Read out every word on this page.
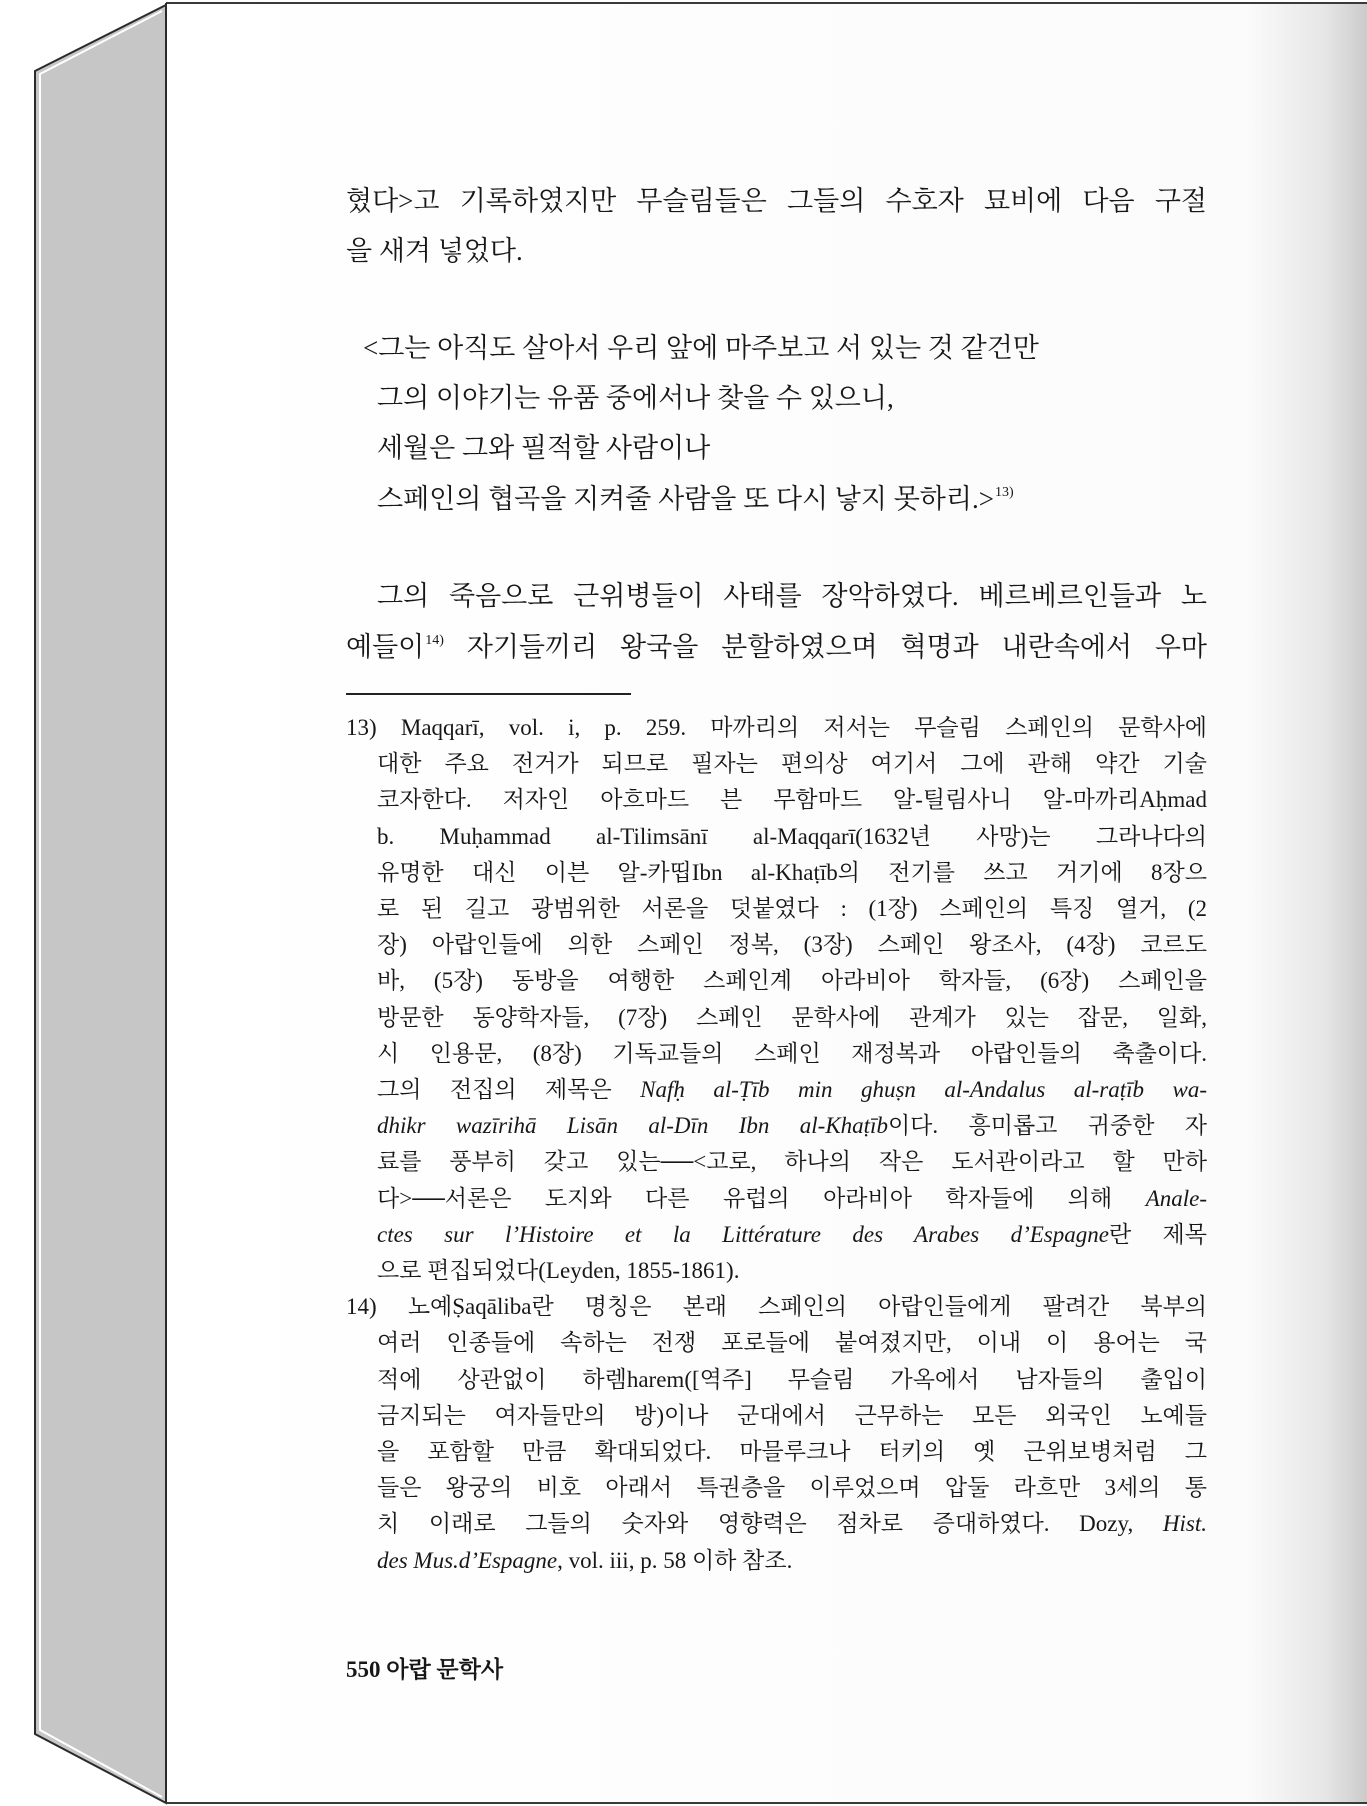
혔다>고 기록하였지만 무슬림들은 그들의 수호자 묘비에 다음 구절
을 새겨 넣었다.
<그는 아직도 살아서 우리 앞에 마주보고 서 있는 것 같건만
그의 이야기는 유품 중에서나 찾을 수 있으니,
세월은 그와 필적할 사람이나
스페인의 협곡을 지켜줄 사람을 또 다시 낳지 못하리.>$^{13)}$
그의 죽음으로 근위병들이 사태를 장악하였다. 베르베르인들과 노
예들이$^{14)}$ 자기들끼리 왕국을 분할하였으며 혁명과 내란속에서 우마
13) Maqqarī, vol. i, p. 259. 마까리의 저서는 무슬림 스페인의 문학사에
대한 주요 전거가 되므로 필자는 편의상 여기서 그에 관해 약간 기술
코자한다. 저자인 아흐마드 븐 무함마드 알-틸림사니 알-마까리Aḥmad
b. Muḥammad al-Tilimsānī al-Maqqarī(1632년 사망)는 그라나다의
유명한 대신 이븐 알-카띱Ibn al-Khaṭīb의 전기를 쓰고 거기에 8장으
로 된 길고 광범위한 서론을 덧붙였다 : (1장) 스페인의 특징 열거, (2
장) 아랍인들에 의한 스페인 정복, (3장) 스페인 왕조사, (4장) 코르도
바, (5장) 동방을 여행한 스페인계 아라비아 학자들, (6장) 스페인을
방문한 동양학자들, (7장) 스페인 문학사에 관계가 있는 잡문, 일화,
시 인용문, (8장) 기독교들의 스페인 재정복과 아랍인들의 축출이다.
그의 전집의 제목은 Nafḥ al-Ṭīb min ghuṣn al-Andalus al-raṭīb wa-
dhikr wazīrihā Lisān al-Dīn Ibn al-Khaṭīb이다. 흥미롭고 귀중한 자
료를 풍부히 갖고 있는──<고로, 하나의 작은 도서관이라고 할 만하
다>──서론은 도지와 다른 유럽의 아라비아 학자들에 의해 Anale-
ctes sur l’Histoire et la Littérature des Arabes d’Espagne란 제목
으로 편집되었다(Leyden, 1855-1861).
14) 노예Ṣaqāliba란 명칭은 본래 스페인의 아랍인들에게 팔려간 북부의
여러 인종들에 속하는 전쟁 포로들에 붙여졌지만, 이내 이 용어는 국
적에 상관없이 하렘harem([역주] 무슬림 가옥에서 남자들의 출입이
금지되는 여자들만의 방)이나 군대에서 근무하는 모든 외국인 노예들
을 포함할 만큼 확대되었다. 마믈루크나 터키의 옛 근위보병처럼 그
들은 왕궁의 비호 아래서 특권층을 이루었으며 압둘 라흐만 3세의 통
치 이래로 그들의 숫자와 영향력은 점차로 증대하였다. Dozy, Hist.
des Mus.d’Espagne, vol. iii, p. 58 이하 참조.
550 아랍 문학사
